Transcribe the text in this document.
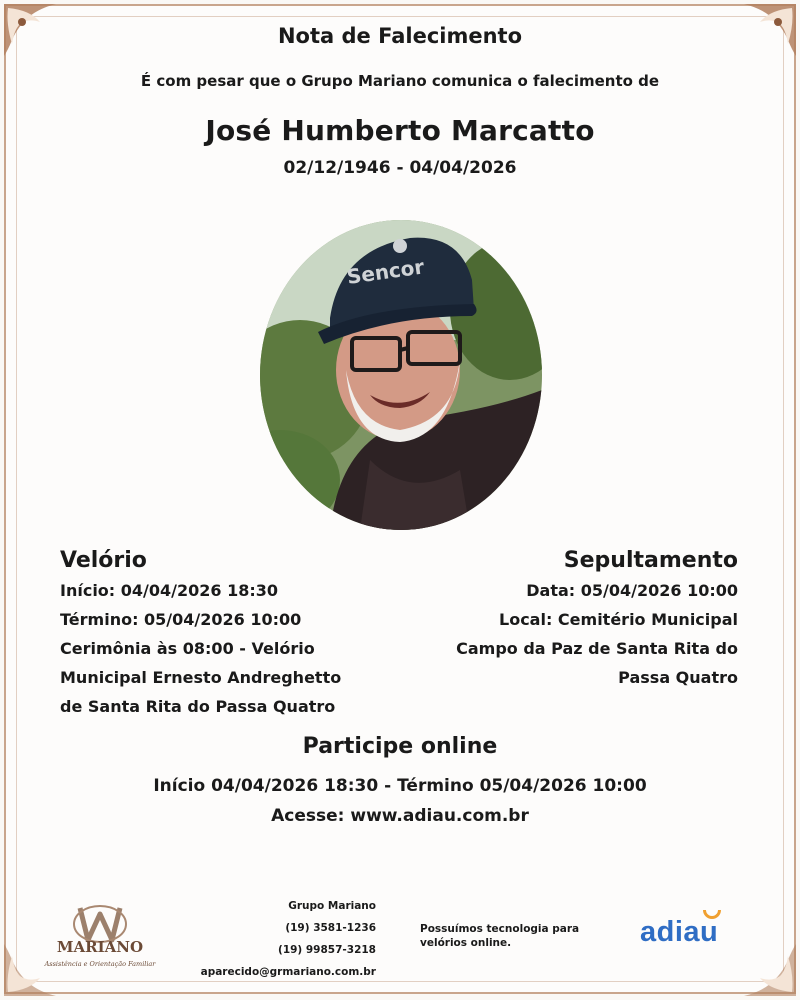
Nota de Falecimento
É com pesar que o Grupo Mariano comunica o falecimento de
José Humberto Marcatto
02/12/1946 - 04/04/2026
Sencor
Velório
Início: 04/04/2026 18:30
Término: 05/04/2026 10:00
Cerimônia às 08:00 - Velório
Municipal Ernesto Andreghetto
de Santa Rita do Passa Quatro
Sepultamento
Data: 05/04/2026 10:00
Local: Cemitério Municipal
Campo da Paz de Santa Rita do
Passa Quatro
Participe online
Início 04/04/2026 18:30 - Término 05/04/2026 10:00
Acesse: www.adiau.com.br
MARIANO
Assistência e Orientação Familiar
Grupo Mariano
(19) 3581-1236
(19) 99857-3218
aparecido@grmariano.com.br
Possuímos tecnologia para
velórios online.	adiau
